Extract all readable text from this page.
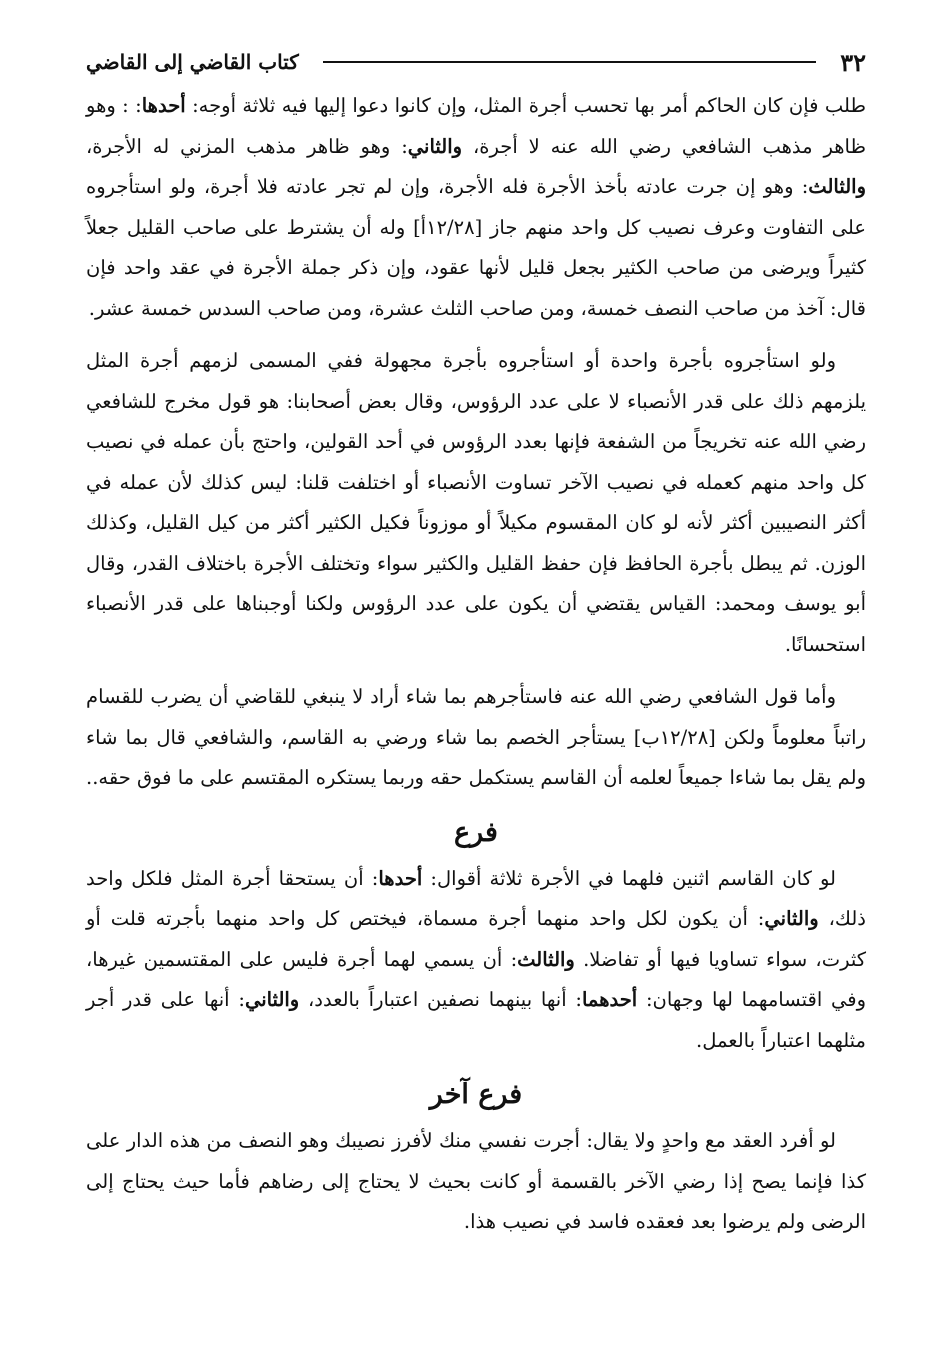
٣٢
كتاب القاضي إلى القاضي

طلب فإن كان الحاكم أمر بها تحسب أجرة المثل، وإن كانوا دعوا إليها فيه ثلاثة أوجه: أحدها: : وهو ظاهر مذهب الشافعي رضي الله عنه لا أجرة، والثاني: وهو ظاهر مذهب المزني له الأجرة، والثالث: وهو إن جرت عادته بأخذ الأجرة فله الأجرة، وإن لم تجر عادته فلا أجرة، ولو استأجروه على التفاوت وعرف نصيب كل واحد منهم جاز [١٢/٢٨أ] وله أن يشترط على صاحب القليل جعلاً كثيراً ويرضى من صاحب الكثير بجعل قليل لأنها عقود، وإن ذكر جملة الأجرة في عقد واحد فإن قال: آخذ من صاحب النصف خمسة، ومن صاحب الثلث عشرة، ومن صاحب السدس خمسة عشر.

ولو استأجروه بأجرة واحدة أو استأجروه بأجرة مجهولة ففي المسمى لزمهم أجرة المثل يلزمهم ذلك على قدر الأنصباء لا على عدد الرؤوس، وقال بعض أصحابنا: هو قول مخرج للشافعي رضي الله عنه تخريجاً من الشفعة فإنها بعدد الرؤوس في أحد القولين، واحتج بأن عمله في نصيب كل واحد منهم كعمله في نصيب الآخر تساوت الأنصباء أو اختلفت قلنا: ليس كذلك لأن عمله في أكثر النصيبين أكثر لأنه لو كان المقسوم مكيلاً أو موزوناً فكيل الكثير أكثر من كيل القليل، وكذلك الوزن. ثم يبطل بأجرة الحافظ فإن حفظ القليل والكثير سواء وتختلف الأجرة باختلاف القدر، وقال أبو يوسف ومحمد: القياس يقتضي أن يكون على عدد الرؤوس ولكنا أوجبناها على قدر الأنصباء استحسانًا.

وأما قول الشافعي رضي الله عنه فاستأجرهم بما شاء أراد لا ينبغي للقاضي أن يضرب للقسام راتباً معلوماً ولكن [١٢/٢٨ب] يستأجر الخصم بما شاء ورضي به القاسم، والشافعي قال بما شاء ولم يقل بما شاءا جميعاً لعلمه أن القاسم يستكمل حقه وربما يستكره المقتسم على ما فوق حقه..

فرع

لو كان القاسم اثنين فلهما في الأجرة ثلاثة أقوال: أحدها: أن يستحقا أجرة المثل فلكل واحد ذلك، والثاني: أن يكون لكل واحد منهما أجرة مسماة، فيختص كل واحد منهما بأجرته قلت أو كثرت، سواء تساويا فيها أو تفاضلا. والثالث: أن يسمي لهما أجرة فليس على المقتسمين غيرها، وفي اقتسامهما لها وجهان: أحدهما: أنها بينهما نصفين اعتباراً بالعدد، والثاني: أنها على قدر أجر مثلهما اعتباراً بالعمل.

فرع آخر

لو أفرد العقد مع واحدٍ ولا يقال: أجرت نفسي منك لأفرز نصيبك وهو النصف من هذه الدار على كذا فإنما يصح إذا رضي الآخر بالقسمة أو كانت بحيث لا يحتاج إلى رضاهم فأما حيث يحتاج إلى الرضى ولم يرضوا بعد فعقده فاسد في نصيب هذا.
